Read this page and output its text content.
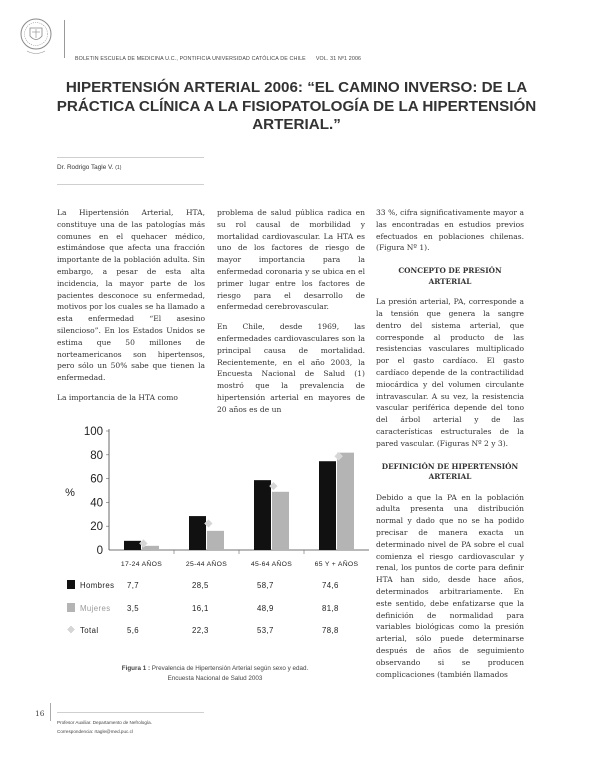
BOLETIN ESCUELA DE MEDICINA U.C., PONTIFICIA UNIVERSIDAD CATÓLICA DE CHILE VOL. 31 Nº1 2006
HIPERTENSIÓN ARTERIAL 2006: “EL CAMINO INVERSO: DE LA PRÁCTICA CLÍNICA A LA FISIOPATOLOGÍA DE LA HIPERTENSIÓN ARTERIAL.”
Dr. Rodrigo Tagle V. (1)

La Hipertensión Arterial, HTA, constituye una de las patologías más comunes en el quehacer médico, estimándose que afecta una fracción importante de la población adulta. Sin embargo, a pesar de esta alta incidencia, la mayor parte de los pacientes desconoce su enfermedad, motivos por los cuales se ha llamado a esta enfermedad “El asesino silencioso”. En los Estados Unidos se estima que 50 millones de norteamericanos son hipertensos, pero sólo un 50% sabe que tienen la enfermedad.

La importancia de la HTA como

problema de salud pública radica en su rol causal de morbilidad y mortalidad cardiovascular. La HTA es uno de los factores de riesgo de mayor importancia para la enfermedad coronaria y se ubica en el primer lugar entre los factores de riesgo para el desarrollo de enfermedad cerebrovascular.

En Chile, desde 1969, las enfermedades cardiovasculares son la principal causa de mortalidad. Recientemente, en el año 2003, la Encuesta Nacional de Salud (1) mostró que la prevalencia de hipertensión arterial en mayores de 20 años es de un

33 %, cifra significativamente mayor a las encontradas en estudios previos efectuados en poblaciones chilenas. (Figura Nº 1).

CONCEPTO DE PRESIÓN ARTERIAL

La presión arterial, PA, corresponde a la tensión que genera la sangre dentro del sistema arterial, que corresponde al producto de las resistencias vasculares multiplicado por el gasto cardíaco. El gasto cardíaco depende de la contractilidad miocárdica y del volumen circulante intravascular. A su vez, la resistencia vascular periférica depende del tono del árbol arterial y de las características estructurales de la pared vascular. (Figuras Nº 2 y 3).

DEFINICIÓN DE HIPERTENSIÓN ARTERIAL

Debido a que la PA en la población adulta presenta una distribución normal y dado que no se ha podido precisar de manera exacta un determinado nivel de PA sobre el cual comienza el riesgo cardiovascular y renal, los puntos de corte para definir HTA han sido, desde hace años, determinados arbitrariamente. En este sentido, debe enfatizarse que la definición de normalidad para variables biológicas como la presión arterial, sólo puede determinarse después de años de seguimiento observando si se producen complicaciones (también llamados

0
20
40
60
80
100
%
17-24 AÑOS	25-44 AÑOS	45-64 AÑOS	65 Y + AÑOS
Hombres 7,7	28,5	58,7	74,6
Mujeres 3,5	16,1	48,9	81,8
Total	5,6	22,3	53,7	78,8
Figura 1 : Prevalencia de Hipertensión Arterial según sexo y edad.
Encuesta Nacional de Salud 2003
16
Profesor Auxiliar. Departamento de Nefrología.
Correspondencia: rtagle@med.puc.cl
